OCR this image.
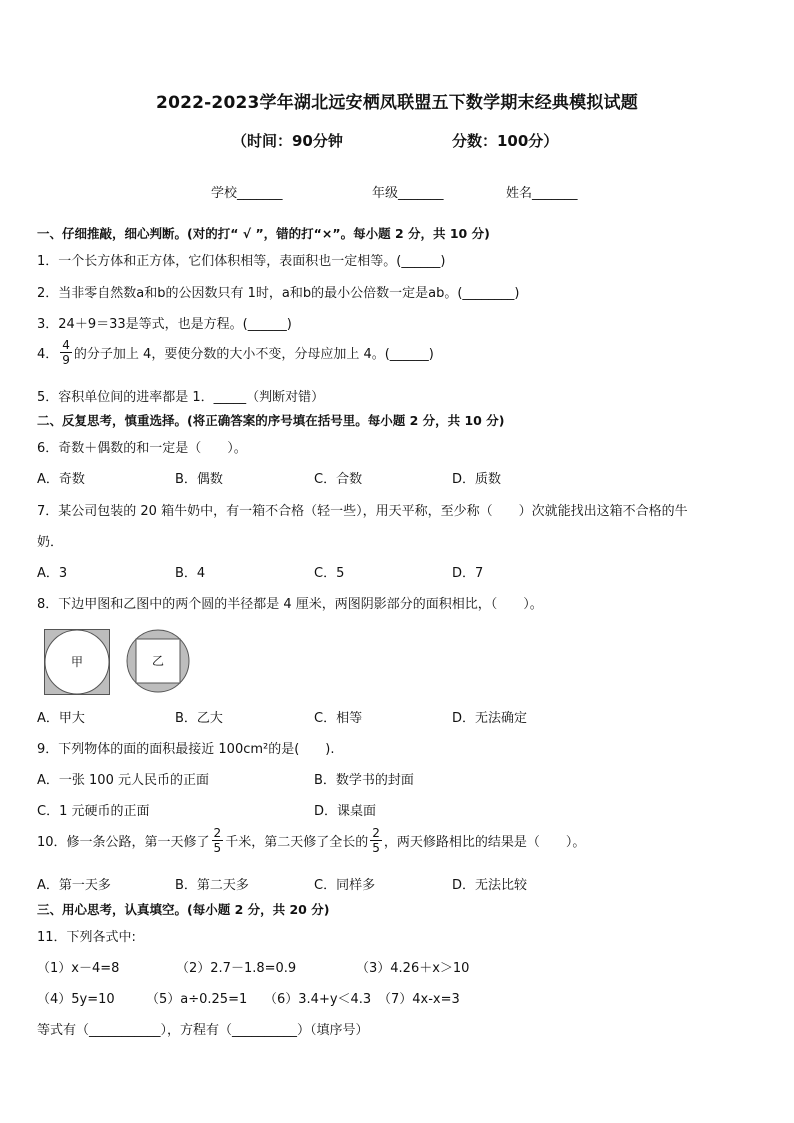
2022-2023学年湖北远安栖凤联盟五下数学期末经典模拟试题
（时间：90分钟	分数：100分）
学校_______	年级_______	姓名_______
一、仔细推敲，细心判断。(对的打“ √ ”，错的打“×”。每小题 2 分，共 10 分)
1．一个长方体和正方体，它们体积相等，表面积也一定相等。(______)
2．当非零自然数a和b的公因数只有 1时，a和b的最小公倍数一定是ab。(________)
3．24＋9＝33是等式，也是方程。(______)
4． $\frac{4}{9}$ 的分子加上 4，要使分数的大小不变，分母应加上 4。(______)
5．容积单位间的进率都是 1．_____（判断对错）
二、反复思考，慎重选择。(将正确答案的序号填在括号里。每小题 2 分，共 10 分)
6．奇数＋偶数的和一定是（　　）。
A．奇数	B．偶数	C．合数	D．质数
7．某公司包装的 20 箱牛奶中，有一箱不合格（轻一些），用天平称，至少称（　　）次就能找出这箱不合格的牛
奶．
A．3	B．4	C．5	D．7
8．下边甲图和乙图中的两个圆的半径都是 4 厘米，两图阴影部分的面积相比，（　　）。
甲	乙
A．甲大	B．乙大	C．相等	D．无法确定
9．下列物体的面的面积最接近 100cm²的是(　　).
A．一张 100 元人民币的正面	B．数学书的封面
C．1 元硬币的正面	D．课桌面
10．修一条公路，第一天修了 $\frac{2}{5}$ 千米，第二天修了全长的 $\frac{2}{5}$ ，两天修路相比的结果是（　　）。
A．第一天多	B．第二天多	C．同样多	D．无法比较
三、用心思考，认真填空。(每小题 2 分，共 20 分)
11．下列各式中:
（1）x－4=8	（2）2.7－1.8=0.9	（3）4.26＋x＞10
（4）5y=10 （5）a÷0.25=1 （6）3.4+y＜4.3 （7）4x-x=3
等式有（___________），方程有（__________）（填序号）
